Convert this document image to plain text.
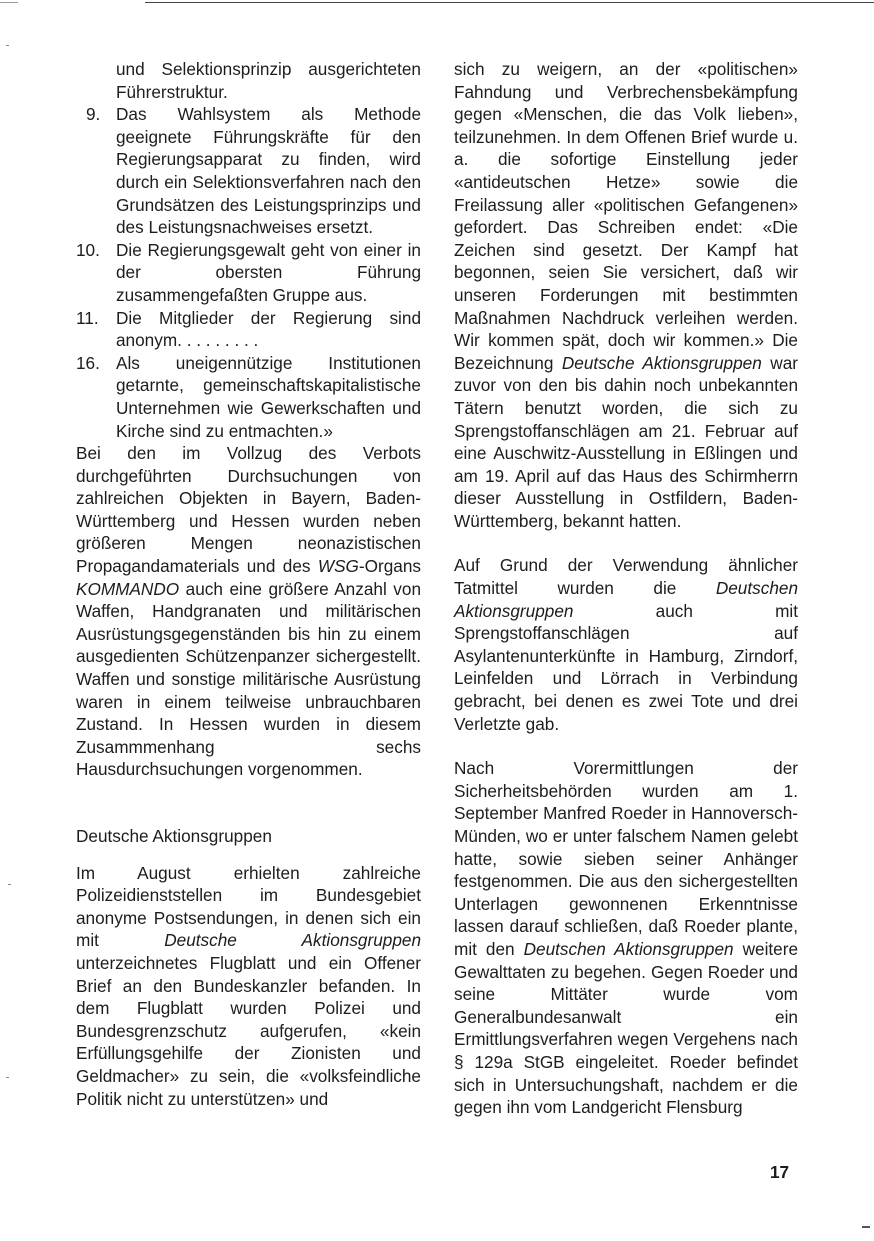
und Selektionsprinzip ausgerichteten Führerstruktur.

9. Das Wahlsystem als Methode geeignete Führungskräfte für den Regierungsapparat zu finden, wird durch ein Selektionsverfahren nach den Grundsätzen des Leistungsprinzips und des Leistungsnachweises ersetzt.
10. Die Regierungsgewalt geht von einer in der obersten Führung zusammengefaßten Gruppe aus.
11.	Die Mitglieder der Regierung sind anonym. . . . . . . . .
16. Als uneigennützige Institutionen getarnte, gemeinschaftskapitalistische Unternehmen wie Gewerkschaften und Kirche sind zu entmachten.»

Bei den im Vollzug des Verbots durchgeführten Durchsuchungen von zahlreichen Objekten in Bayern, Baden-Württemberg und Hessen wurden neben größeren Mengen neonazistischen Propagandamaterials und des WSG-Organs KOMMANDO auch eine größere Anzahl von Waffen, Handgranaten und militärischen Ausrüstungsgegenständen bis hin zu einem ausgedienten Schützenpanzer sichergestellt. Waffen und sonstige militärische Ausrüstung waren in einem teilweise unbrauchbaren Zustand. In Hessen wurden in diesem Zusammmenhang sechs Hausdurchsuchungen vorgenommen.

Deutsche Aktionsgruppen

Im August erhielten zahlreiche Polizeidienststellen im Bundesgebiet anonyme Postsendungen, in denen sich ein mit Deutsche Aktionsgruppen unterzeichnetes Flugblatt und ein Offener Brief an den Bundeskanzler befanden. In dem Flugblatt wurden Polizei und Bundesgrenzschutz aufgerufen, «kein Erfüllungsgehilfe der Zionisten und Geldmacher» zu sein, die «volksfeindliche Politik nicht zu unterstützen» und

sich zu weigern, an der «politischen» Fahndung und Verbrechensbekämpfung gegen «Menschen, die das Volk lieben», teilzunehmen. In dem Offenen Brief wurde u. a. die sofortige Einstellung jeder «antideutschen Hetze» sowie die Freilassung aller «politischen Gefangenen» gefordert. Das Schreiben endet: «Die Zeichen sind gesetzt. Der Kampf hat begonnen, seien Sie versichert, daß wir unseren Forderungen mit bestimmten Maßnahmen Nachdruck verleihen werden. Wir kommen spät, doch wir kommen.» Die Bezeichnung Deutsche Aktionsgruppen war zuvor von den bis dahin noch unbekannten Tätern benutzt worden, die sich zu Sprengstoffanschlägen am 21. Februar auf eine Auschwitz-Ausstellung in Eßlingen und am 19. April auf das Haus des Schirmherrn dieser Ausstellung in Ostfildern, Baden-Württemberg, bekannt hatten.

Auf Grund der Verwendung ähnlicher Tatmittel wurden die Deutschen Aktionsgruppen auch mit Sprengstoffanschlägen auf Asylantenunterkünfte in Hamburg, Zirndorf, Leinfelden und Lörrach in Verbindung gebracht, bei denen es zwei Tote und drei Verletzte gab.

Nach Vorermittlungen der Sicherheitsbehörden wurden am 1. September Manfred Roeder in Hannoversch-Münden, wo er unter falschem Namen gelebt hatte, sowie sieben seiner Anhänger festgenommen. Die aus den sichergestellten Unterlagen gewonnenen Erkenntnisse lassen darauf schließen, daß Roeder plante, mit den Deutschen Aktionsgruppen weitere Gewalttaten zu begehen. Gegen Roeder und seine Mittäter wurde vom Generalbundesanwalt ein Ermittlungsverfahren wegen Vergehens nach § 129a StGB eingeleitet. Roeder befindet sich in Untersuchungshaft, nachdem er die gegen ihn vom Landgericht Flensburg

17
